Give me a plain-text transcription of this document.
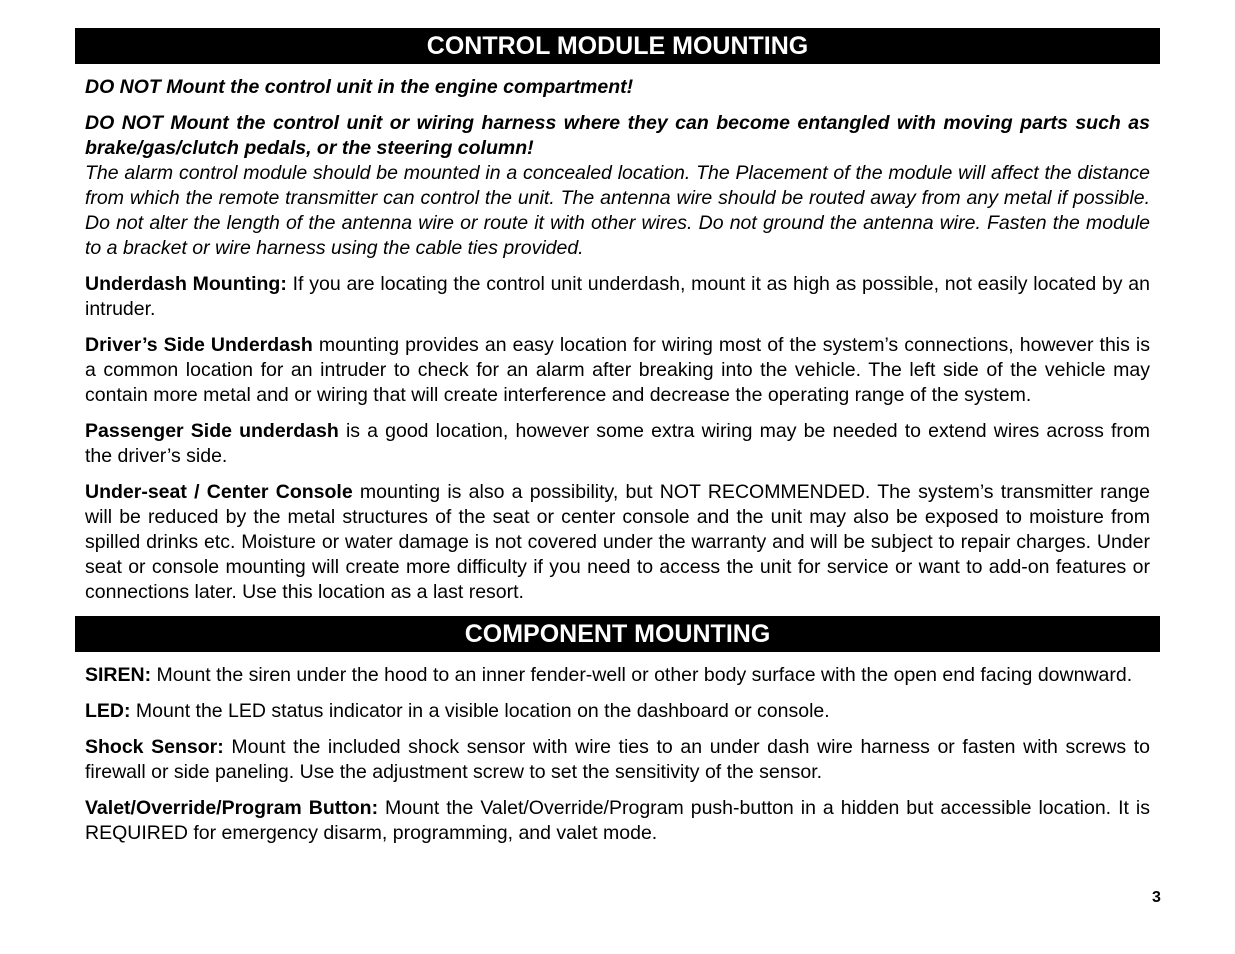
CONTROL MODULE MOUNTING

DO NOT Mount the control unit in the engine compartment!

DO NOT Mount the control unit or wiring harness where they can become entangled with moving parts such as brake/gas/clutch pedals, or the steering column!

The alarm control module should be mounted in a concealed location. The Placement of the module will affect the distance from which the remote transmitter can control the unit. The antenna wire should be routed away from any metal if possible. Do not alter the length of the antenna wire or route it with other wires. Do not ground the antenna wire. Fasten the module to a bracket or wire harness using the cable ties provided.

Underdash Mounting: If you are locating the control unit underdash, mount it as high as possible, not easily located by an intruder.

Driver’s Side Underdash mounting provides an easy location for wiring most of the system’s connections, however this is a common location for an intruder to check for an alarm after breaking into the vehicle. The left side of the vehicle may contain more metal and or wiring that will create interference and decrease the operating range of the system.

Passenger Side underdash is a good location, however some extra wiring may be needed to extend wires across from the driver’s side.

Under-seat / Center Console mounting is also a possibility, but NOT RECOMMENDED. The system’s transmitter range will be reduced by the metal structures of the seat or center console and the unit may also be exposed to moisture from spilled drinks etc. Moisture or water damage is not covered under the warranty and will be subject to repair charges. Under seat or console mounting will create more difficulty if you need to access the unit for service or want to add-on features or connections later. Use this location as a last resort.

COMPONENT MOUNTING

SIREN: Mount the siren under the hood to an inner fender-well or other body surface with the open end facing downward.

LED: Mount the LED status indicator in a visible location on the dashboard or console.

Shock Sensor: Mount the included shock sensor with wire ties to an under dash wire harness or fasten with screws to firewall or side paneling. Use the adjustment screw to set the sensitivity of the sensor.

Valet/Override/Program Button: Mount the Valet/Override/Program push-button in a hidden but accessible location. It is REQUIRED for emergency disarm, programming, and valet mode.

3
